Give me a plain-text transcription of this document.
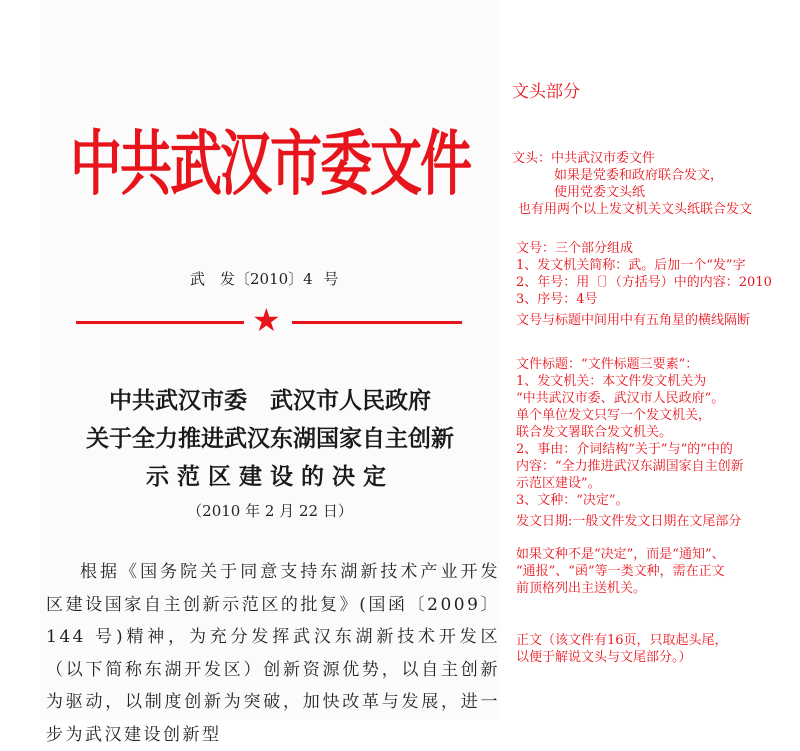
中共武汉市委文件
武　发〔2010〕4 号
★
中共武汉市委　武汉市人民政府
关于全力推进武汉东湖国家自主创新
示范区建设的决定
（2010 年 2 月 22 日）

根据《国务院关于同意支持东湖新技术产业开发区建设国家自主创新示范区的批复》(国函〔2009〕144 号)精神，为充分发挥武汉东湖新技术开发区（以下简称东湖开发区）创新资源优势，以自主创新为驱动，以制度创新为突破，加快改革与发展，进一步为武汉建设创新型

文头部分
文头：中共武汉市委文件
如果是党委和政府联合发文，
使用党委文头纸
也有用两个以上发文机关文头纸联合发文
文号：三个部分组成
1、发文机关简称：武。后加一个“发”字
2、年号：用〔〕（方括号）中的内容：2010
3、序号：4号
文号与标题中间用中有五角星的横线隔断
文件标题：“文件标题三要素”：
1、发文机关：本文件发文机关为
“中共武汉市委、武汉市人民政府”。
单个单位发文只写一个发文机关，
联合发文署联合发文机关。
2、事由：介词结构“关于”与“的”中的
内容：“全力推进武汉东湖国家自主创新
示范区建设”。
3、文种：“决定”。
发文日期:一般文件发文日期在文尾部分
如果文种不是“决定”，而是“通知”、
“通报”、“函”等一类文种，需在正文
前顶格列出主送机关。
正文（该文件有16页，只取起头尾，
以便于解说文头与文尾部分。）
